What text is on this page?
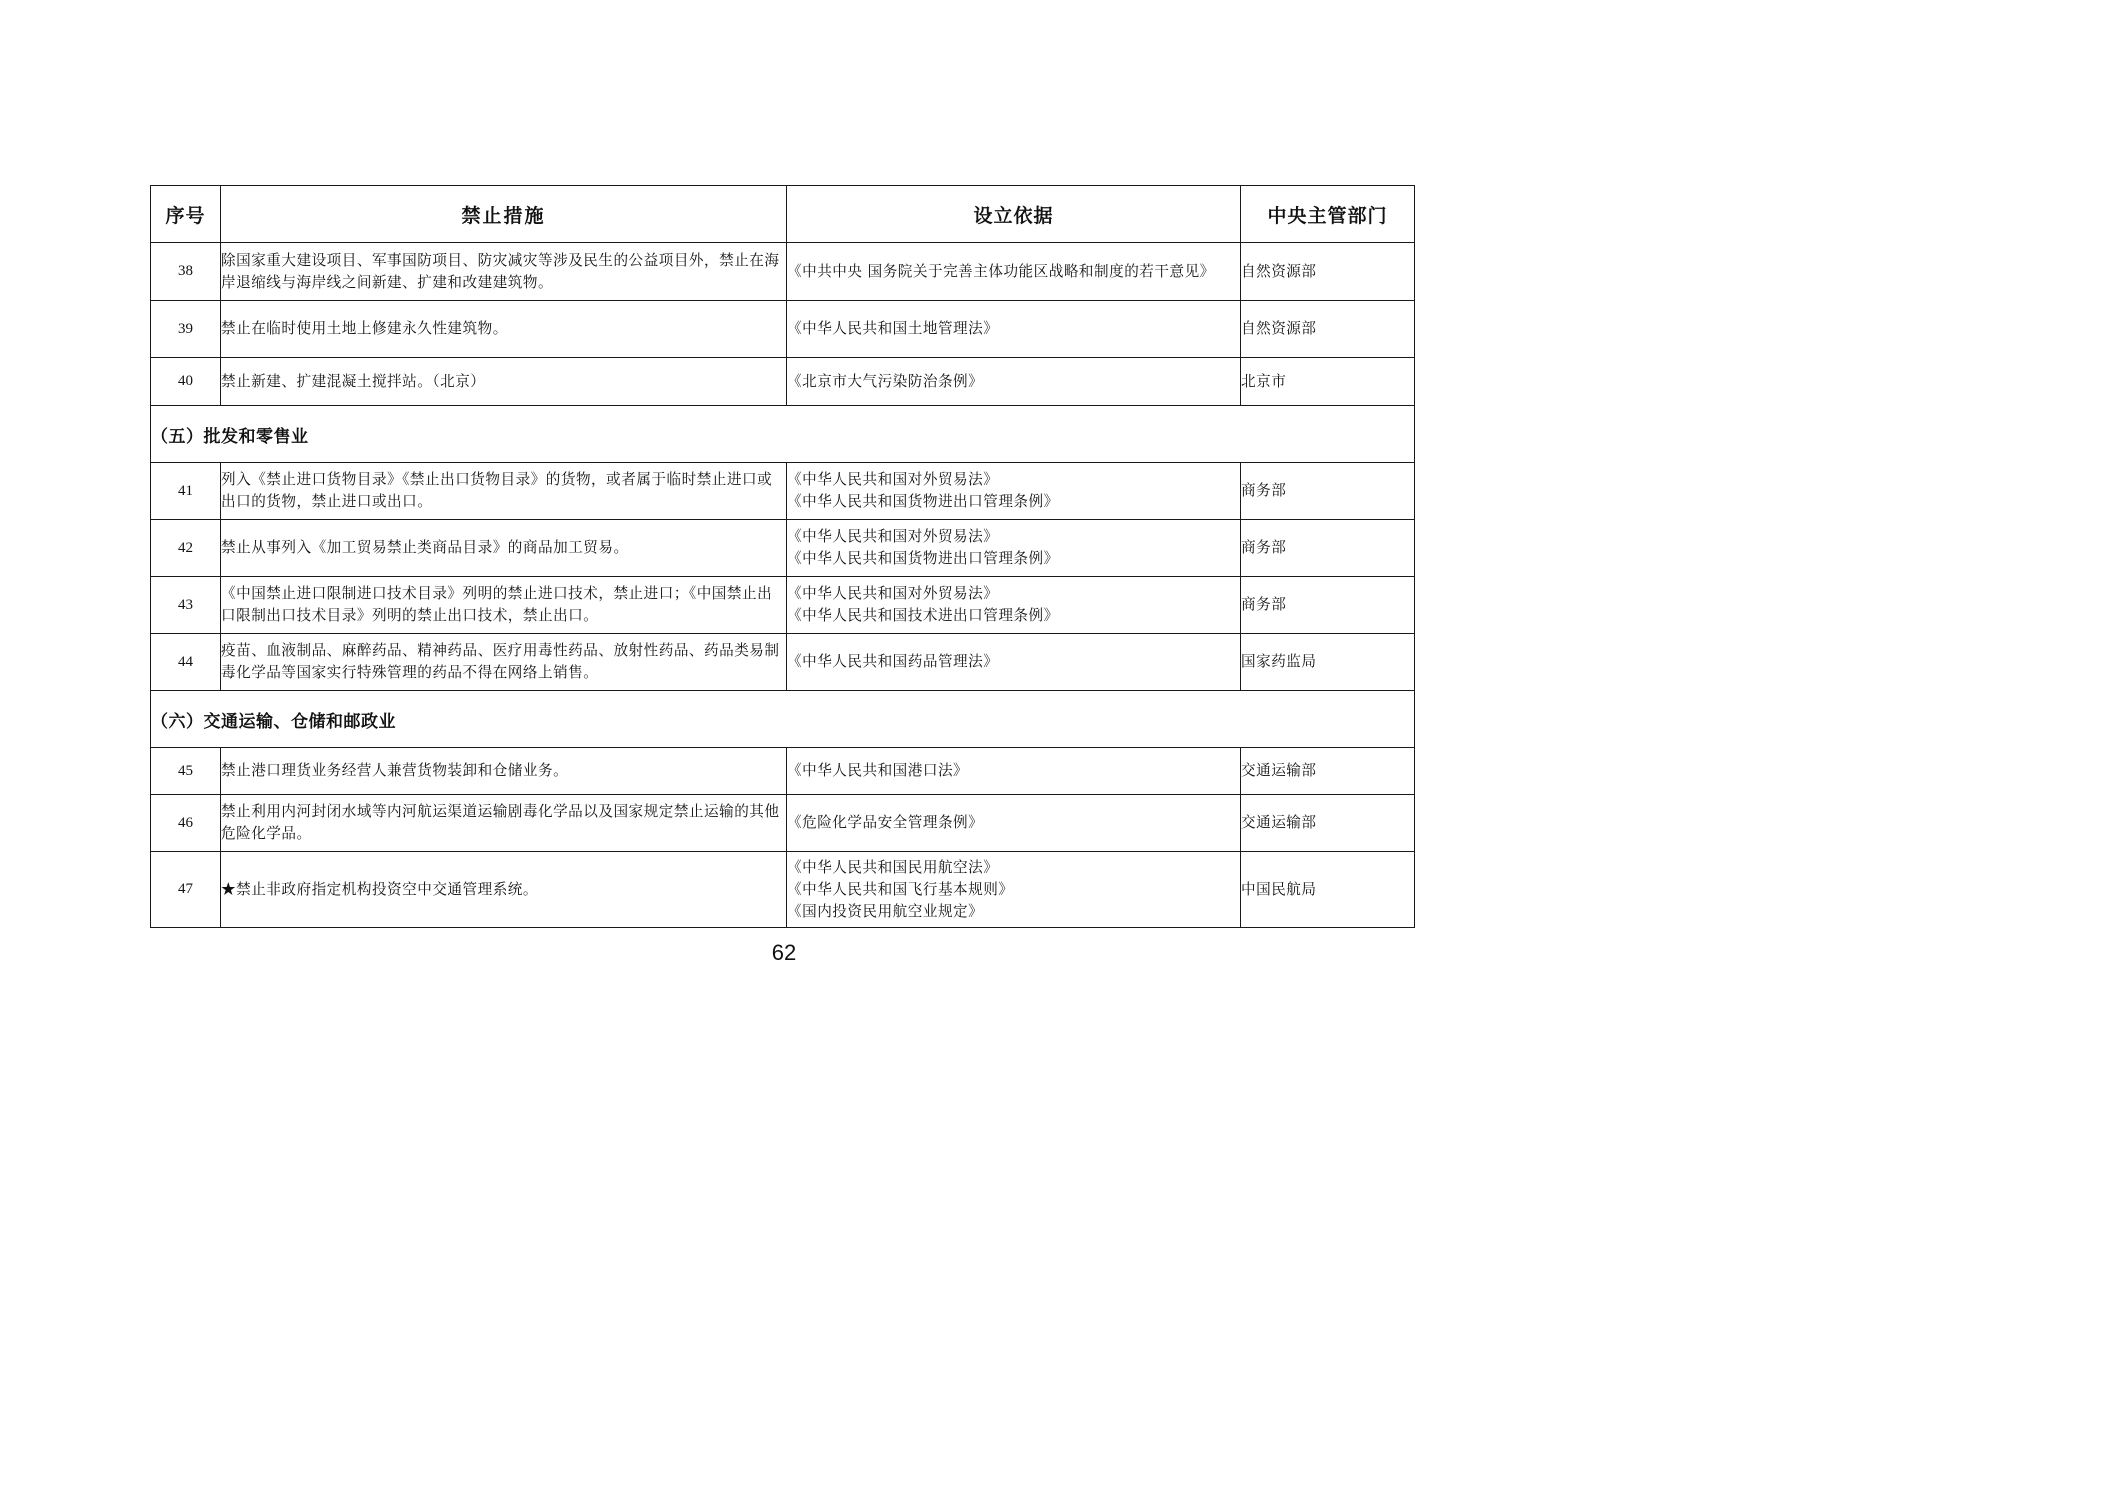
序号	禁止措施	设立依据	中央主管部门
38	除国家重大建设项目、军事国防项目、防灾减灾等涉及民生的公益项目外，禁止在海岸退缩线与海岸线之间新建、扩建和改建建筑物。	《中共中央 国务院关于完善主体功能区战略和制度的若干意见》	自然资源部
39	禁止在临时使用土地上修建永久性建筑物。	《中华人民共和国土地管理法》	自然资源部
40	禁止新建、扩建混凝土搅拌站。（北京）	《北京市大气污染防治条例》	北京市
（五）批发和零售业			
41	列入《禁止进口货物目录》《禁止出口货物目录》的货物，或者属于临时禁止进口或出口的货物，禁止进口或出口。	《中华人民共和国对外贸易法》
《中华人民共和国货物进出口管理条例》	商务部
42	禁止从事列入《加工贸易禁止类商品目录》的商品加工贸易。	《中华人民共和国对外贸易法》
《中华人民共和国货物进出口管理条例》	商务部
43	《中国禁止进口限制进口技术目录》列明的禁止进口技术，禁止进口；《中国禁止出口限制出口技术目录》列明的禁止出口技术，禁止出口。	《中华人民共和国对外贸易法》
《中华人民共和国技术进出口管理条例》	商务部
44	疫苗、血液制品、麻醉药品、精神药品、医疗用毒性药品、放射性药品、药品类易制毒化学品等国家实行特殊管理的药品不得在网络上销售。	《中华人民共和国药品管理法》	国家药监局
（六）交通运输、仓储和邮政业			
45	禁止港口理货业务经营人兼营货物装卸和仓储业务。	《中华人民共和国港口法》	交通运输部
46	禁止利用内河封闭水域等内河航运渠道运输剧毒化学品以及国家规定禁止运输的其他危险化学品。	《危险化学品安全管理条例》	交通运输部
47	★禁止非政府指定机构投资空中交通管理系统。	《中华人民共和国民用航空法》
《中华人民共和国飞行基本规则》
《国内投资民用航空业规定》	中国民航局
62
